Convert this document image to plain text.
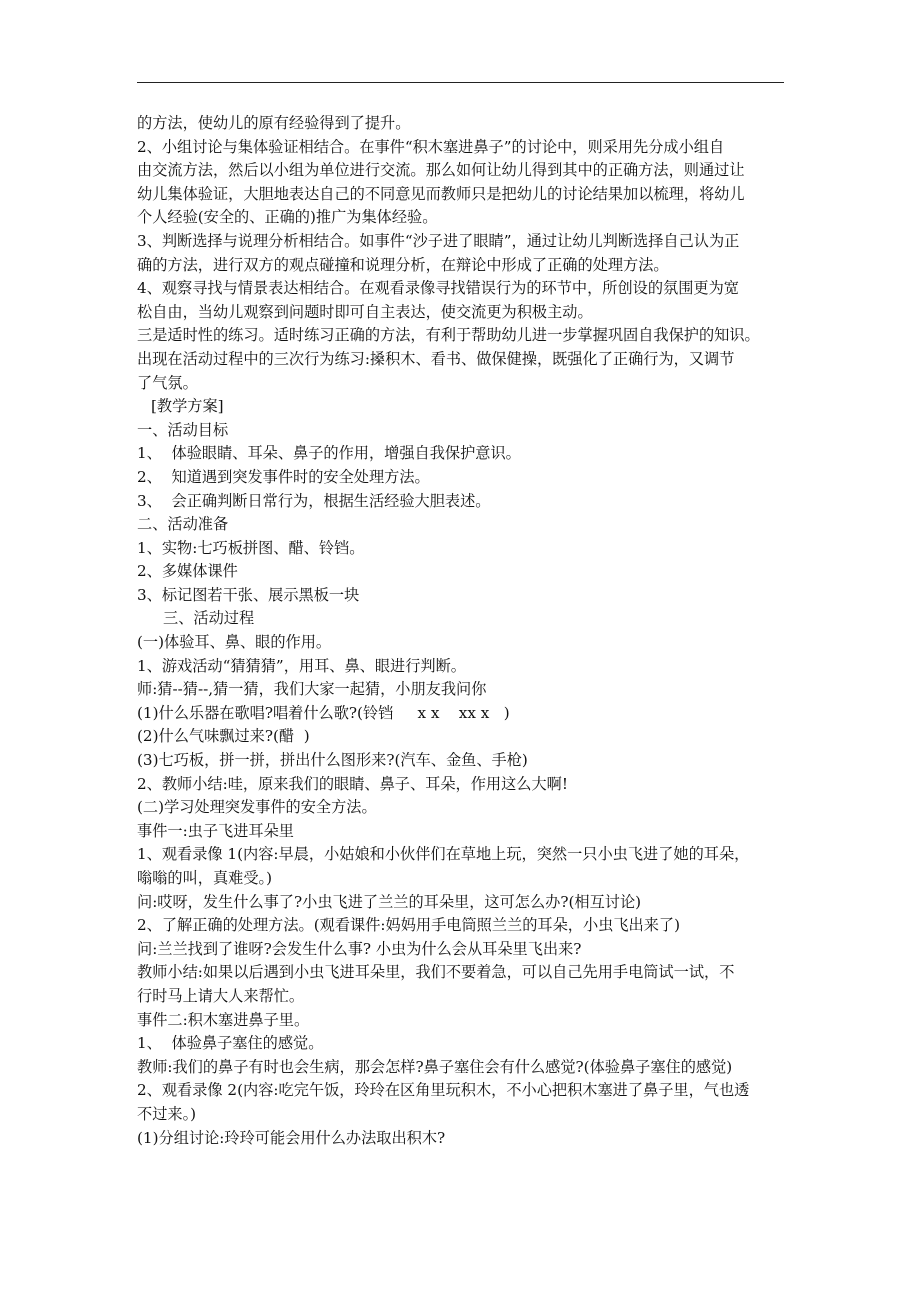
的方法，使幼儿的原有经验得到了提升。
2、小组讨论与集体验证相结合。在事件“积木塞进鼻子”的讨论中，则采用先分成小组自
由交流方法，然后以小组为单位进行交流。那么如何让幼儿得到其中的正确方法，则通过让
幼儿集体验证，大胆地表达自己的不同意见而教师只是把幼儿的讨论结果加以梳理，将幼儿
个人经验(安全的、正确的)推广为集体经验。
3、判断选择与说理分析相结合。如事件“沙子进了眼睛”，通过让幼儿判断选择自己认为正
确的方法，进行双方的观点碰撞和说理分析，在辩论中形成了正确的处理方法。
4、观察寻找与情景表达相结合。在观看录像寻找错误行为的环节中，所创设的氛围更为宽
松自由，当幼儿观察到问题时即可自主表达，使交流更为积极主动。
三是适时性的练习。适时练习正确的方法，有利于帮助幼儿进一步掌握巩固自我保护的知识。
出现在活动过程中的三次行为练习:搡积木、看书、做保健操，既强化了正确行为，又调节
了气氛。
[教学方案]
一、活动目标
1、  体验眼睛、耳朵、鼻子的作用，增强自我保护意识。
2、  知道遇到突发事件时的安全处理方法。
3、  会正确判断日常行为，根据生活经验大胆表述。
二、活动准备
1、实物:七巧板拼图、醋、铃铛。
2、多媒体课件
3、标记图若干张、展示黑板一块
三、活动过程
(一)体验耳、鼻、眼的作用。
1、游戏活动“猜猜猜”，用耳、鼻、眼进行判断。
师:猜--猜--,猜一猜，我们大家一起猜，小朋友我问你
(1)什么乐器在歌唱?唱着什么歌?(铃铛     x x    xx x   )
(2)什么气味飘过来?(醋  )
(3)七巧板，拼一拼，拼出什么图形来?(汽车、金鱼、手枪)
2、教师小结:哇，原来我们的眼睛、鼻子、耳朵，作用这么大啊!
(二)学习处理突发事件的安全方法。
事件一:虫子飞进耳朵里
1、观看录像 1(内容:早晨，小姑娘和小伙伴们在草地上玩，突然一只小虫飞进了她的耳朵，
嗡嗡的叫，真难受。)
问:哎呀，发生什么事了?小虫飞进了兰兰的耳朵里，这可怎么办?(相互讨论)
2、了解正确的处理方法。(观看课件:妈妈用手电筒照兰兰的耳朵，小虫飞出来了)
问:兰兰找到了谁呀?会发生什么事? 小虫为什么会从耳朵里飞出来?
教师小结:如果以后遇到小虫飞进耳朵里，我们不要着急，可以自己先用手电筒试一试，不
行时马上请大人来帮忙。
事件二:积木塞进鼻子里。
1、  体验鼻子塞住的感觉。
教师:我们的鼻子有时也会生病，那会怎样?鼻子塞住会有什么感觉?(体验鼻子塞住的感觉)
2、观看录像 2(内容:吃完午饭，玲玲在区角里玩积木，不小心把积木塞进了鼻子里，气也透
不过来。)
(1)分组讨论:玲玲可能会用什么办法取出积木?
